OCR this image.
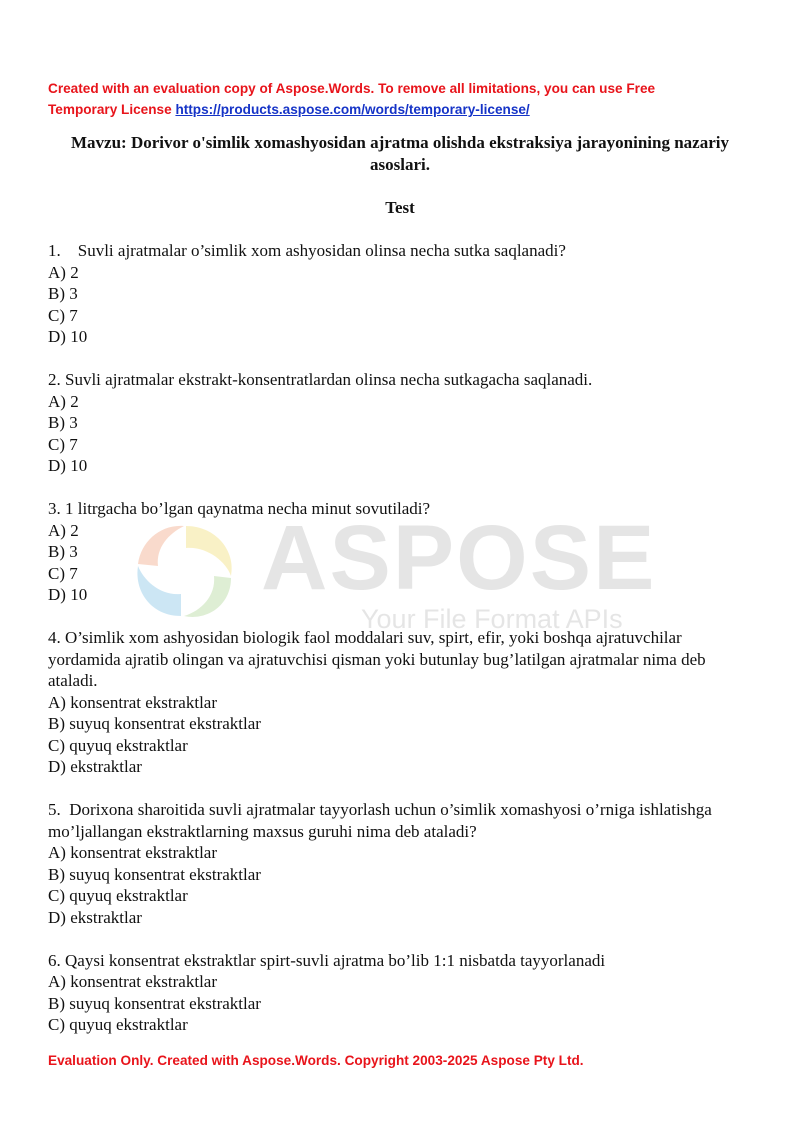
ASPOSE
Your File Format APIs
Created with an evaluation copy of Aspose.Words. To remove all limitations, you can use Free
Temporary License https://products.aspose.com/words/temporary-license/
Mavzu: Dorivor o'simlik xomashyosidan ajratma olishda ekstraksiya jarayonining nazariy asoslari.
Test
1.    Suvli ajratmalar o’simlik xom ashyosidan olinsa necha sutka saqlanadi?
A) 2
B) 3
C) 7
D) 10
2. Suvli ajratmalar ekstrakt-konsentratlardan olinsa necha sutkagacha saqlanadi.
A) 2
B) 3
C) 7
D) 10
3. 1 litrgacha bo’lgan qaynatma necha minut sovutiladi?
A) 2
B) 3
C) 7
D) 10
4. O’simlik xom ashyosidan biologik faol moddalari suv, spirt, efir, yoki boshqa ajratuvchilar yordamida ajratib olingan va ajratuvchisi qisman yoki butunlay bug’latilgan ajratmalar nima deb ataladi.
A) konsentrat ekstraktlar
B) suyuq konsentrat ekstraktlar
C) quyuq ekstraktlar
D) ekstraktlar
5.  Dorixona sharoitida suvli ajratmalar tayyorlash uchun o’simlik xomashyosi o’rniga ishlatishga mo’ljallangan ekstraktlarning maxsus guruhi nima deb ataladi?
A) konsentrat ekstraktlar
B) suyuq konsentrat ekstraktlar
C) quyuq ekstraktlar
D) ekstraktlar
6. Qaysi konsentrat ekstraktlar spirt-suvli ajratma bo’lib 1:1 nisbatda tayyorlanadi
A) konsentrat ekstraktlar
B) suyuq konsentrat ekstraktlar
C) quyuq ekstraktlar
Evaluation Only. Created with Aspose.Words. Copyright 2003-2025 Aspose Pty Ltd.
